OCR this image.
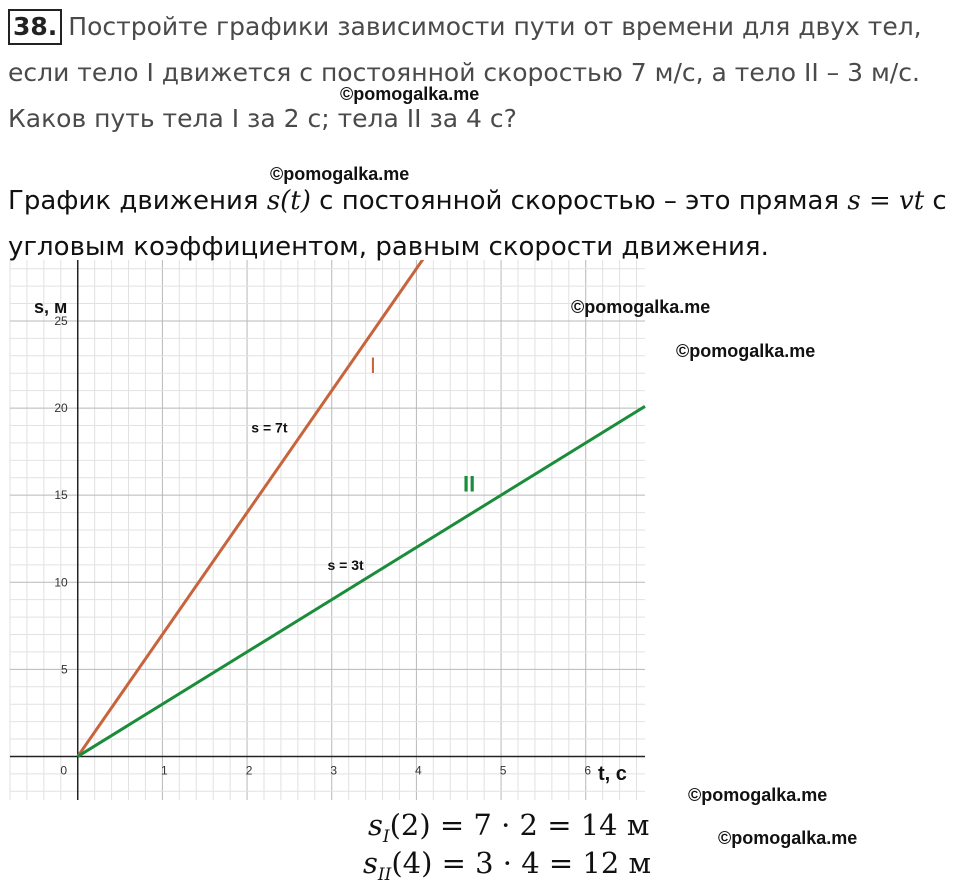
38. Постройте графики зависимости пути от времени для двух тел, если тело I движется с постоянной скоростью 7 м/с, а тело II – 3 м/с. Каков путь тела I за 2 с; тела II за 4 с?
©pomogalka.me
©pomogalka.me
График движения s(t) с постоянной скоростью – это прямая s = vt с угловым коэффициентом, равным скорости движения.
0	1	2	3	4	5	6
5
10
15
20
25
s, м
t, с
I
II
s = 7t
s = 3t
©pomogalka.me
©pomogalka.me
©pomogalka.me
©pomogalka.me
$s_I(2) = 7 \cdot 2 = 14$ м
$s_{II}(4) = 3 \cdot 4 = 12$ м
